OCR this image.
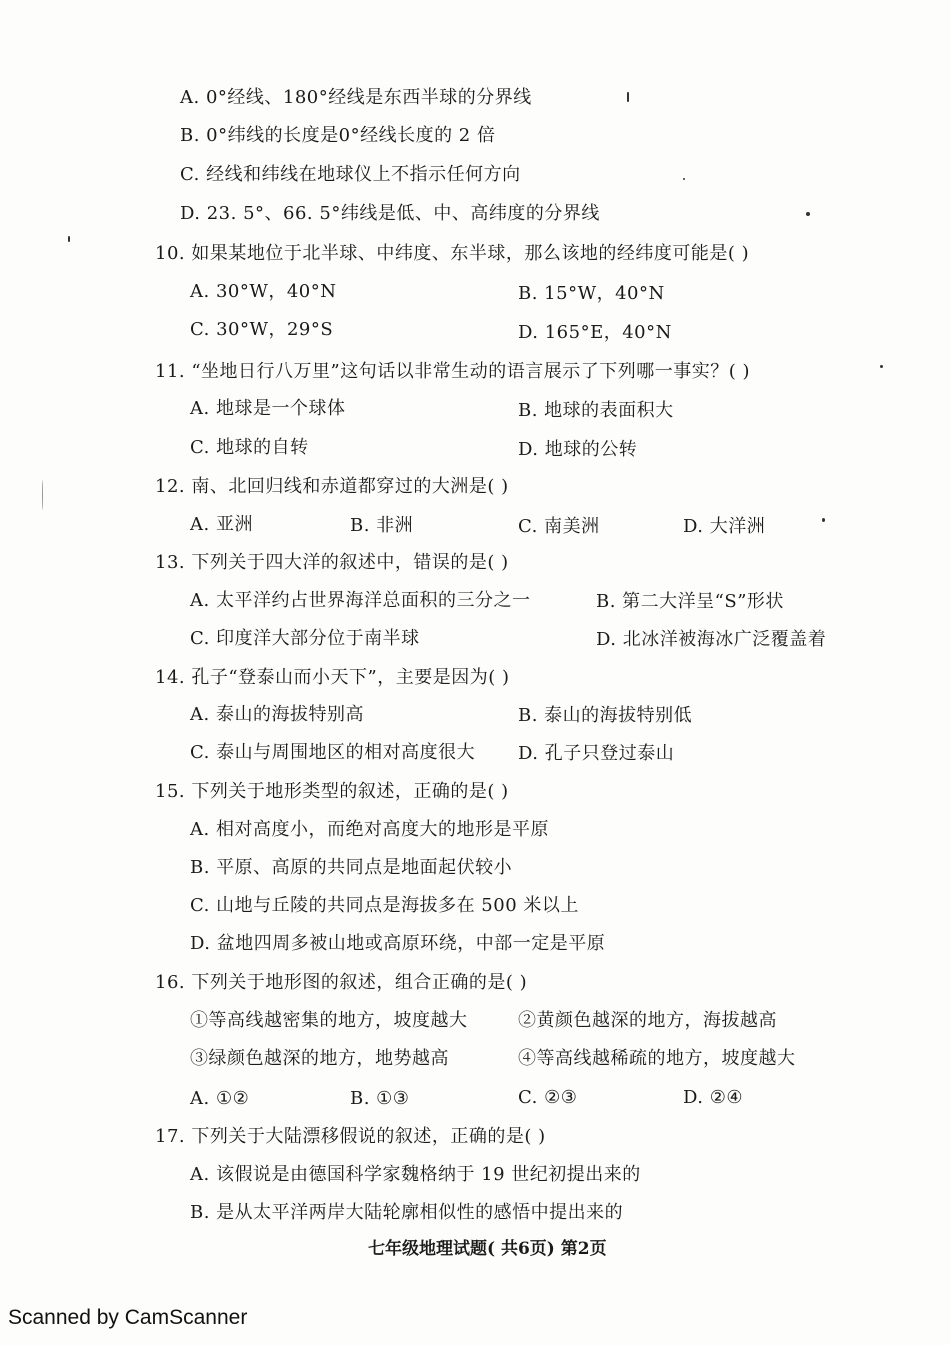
A. 0°经线、180°经线是东西半球的分界线
B. 0°纬线的长度是0°经线长度的 2 倍
C. 经线和纬线在地球仪上不指示任何方向
D. 23. 5°、66. 5°纬线是低、中、高纬度的分界线
10. 如果某地位于北半球、中纬度、东半球，那么该地的经纬度可能是( )
A. 30°W，40°N	B. 15°W，40°N
C. 30°W，29°S	D. 165°E，40°N
11. “坐地日行八万里”这句话以非常生动的语言展示了下列哪一事实？( )
A. 地球是一个球体	B. 地球的表面积大
C. 地球的自转	D. 地球的公转
12. 南、北回归线和赤道都穿过的大洲是( )
A. 亚洲	B. 非洲	C. 南美洲	D. 大洋洲
13. 下列关于四大洋的叙述中，错误的是( )
A. 太平洋约占世界海洋总面积的三分之一	B. 第二大洋呈“S”形状
C. 印度洋大部分位于南半球	D. 北冰洋被海冰广泛覆盖着
14. 孔子“登泰山而小天下”，主要是因为( )
A. 泰山的海拔特别高	B. 泰山的海拔特别低
C. 泰山与周围地区的相对高度很大 D. 孔子只登过泰山
15. 下列关于地形类型的叙述，正确的是( )
A. 相对高度小，而绝对高度大的地形是平原
B. 平原、高原的共同点是地面起伏较小
C. 山地与丘陵的共同点是海拔多在 500 米以上
D. 盆地四周多被山地或高原环绕，中部一定是平原
16. 下列关于地形图的叙述，组合正确的是( )
①等高线越密集的地方，坡度越大	②黄颜色越深的地方，海拔越高
③绿颜色越深的地方，地势越高	④等高线越稀疏的地方，坡度越大
A. ①②	B. ①③	C. ②③	D. ②④
17. 下列关于大陆漂移假说的叙述，正确的是( )
A. 该假说是由德国科学家魏格纳于 19 世纪初提出来的
B. 是从太平洋两岸大陆轮廓相似性的感悟中提出来的
七年级地理试题( 共6页) 第2页
Scanned by CamScanner
